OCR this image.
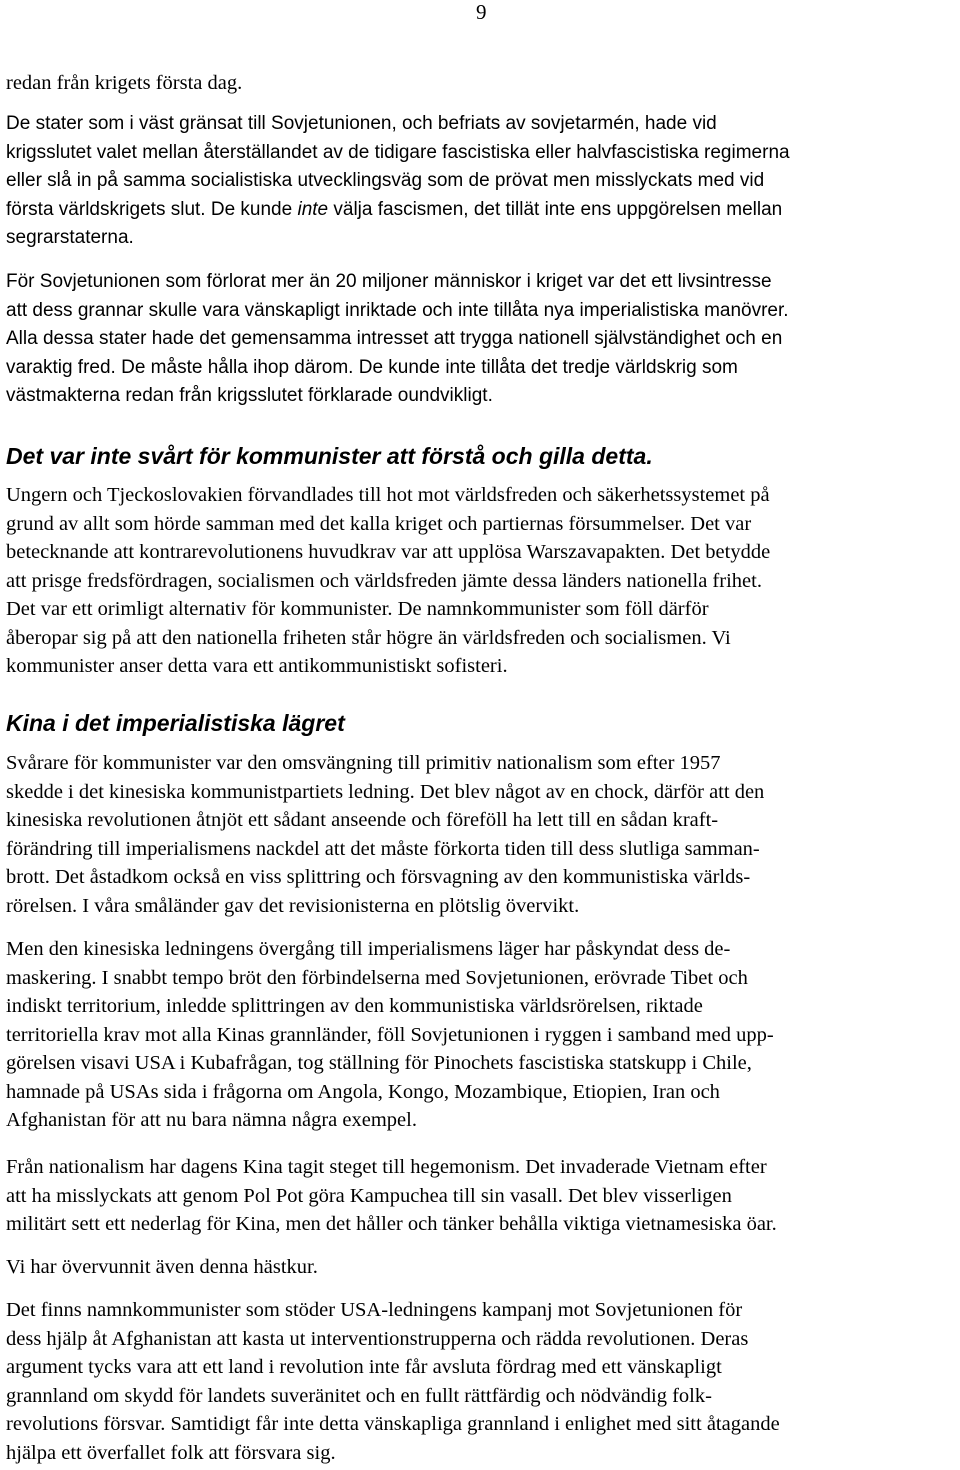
9

redan från krigets första dag.

De stater som i väst gränsat till Sovjetunionen, och befriats av sovjetarmén, hade vid
krigsslutet valet mellan återställandet av de tidigare fascistiska eller halvfascistiska regimerna
eller slå in på samma socialistiska utvecklingsväg som de prövat men misslyckats med vid
första världskrigets slut. De kunde inte välja fascismen, det tillät inte ens uppgörelsen mellan
segrarstaterna.

För Sovjetunionen som förlorat mer än 20 miljoner människor i kriget var det ett livsintresse
att dess grannar skulle vara vänskapligt inriktade och inte tillåta nya imperialistiska manövrer.
Alla dessa stater hade det gemensamma intresset att trygga nationell självständighet och en
varaktig fred. De måste hålla ihop därom. De kunde inte tillåta det tredje världskrig som
västmakterna redan från krigsslutet förklarade oundvikligt.

Det var inte svårt för kommunister att förstå och gilla detta.

Ungern och Tjeckoslovakien förvandlades till hot mot världsfreden och säkerhetssystemet på
grund av allt som hörde samman med det kalla kriget och partiernas försummelser. Det var
betecknande att kontrarevolutionens huvudkrav var att upplösa Warszavapakten. Det betydde
att prisge fredsfördragen, socialismen och världsfreden jämte dessa länders nationella frihet.
Det var ett orimligt alternativ för kommunister. De namnkommunister som föll därför
åberopar sig på att den nationella friheten står högre än världsfreden och socialismen. Vi
kommunister anser detta vara ett antikommunistiskt sofisteri.

Kina i det imperialistiska lägret

Svårare för kommunister var den omsvängning till primitiv nationalism som efter 1957
skedde i det kinesiska kommunistpartiets ledning. Det blev något av en chock, därför att den
kinesiska revolutionen åtnjöt ett sådant anseende och föreföll ha lett till en sådan kraft-
förändring till imperialismens nackdel att det måste förkorta tiden till dess slutliga samman-
brott. Det åstadkom också en viss splittring och försvagning av den kommunistiska världs-
rörelsen. I våra småländer gav det revisionisterna en plötslig övervikt.

Men den kinesiska ledningens övergång till imperialismens läger har påskyndat dess de-
maskering. I snabbt tempo bröt den förbindelserna med Sovjetunionen, erövrade Tibet och
indiskt territorium, inledde splittringen av den kommunistiska världsrörelsen, riktade
territoriella krav mot alla Kinas grannländer, föll Sovjetunionen i ryggen i samband med upp-
görelsen visavi USA i Kubafrågan, tog ställning för Pinochets fascistiska statskupp i Chile,
hamnade på USAs sida i frågorna om Angola, Kongo, Mozambique, Etiopien, Iran och
Afghanistan för att nu bara nämna några exempel.

Från nationalism har dagens Kina tagit steget till hegemonism. Det invaderade Vietnam efter
att ha misslyckats att genom Pol Pot göra Kampuchea till sin vasall. Det blev visserligen
militärt sett ett nederlag för Kina, men det håller och tänker behålla viktiga vietnamesiska öar.

Vi har övervunnit även denna hästkur.

Det finns namnkommunister som stöder USA-ledningens kampanj mot Sovjetunionen för
dess hjälp åt Afghanistan att kasta ut interventionstrupperna och rädda revolutionen. Deras
argument tycks vara att ett land i revolution inte får avsluta fördrag med ett vänskapligt
grannland om skydd för landets suveränitet och en fullt rättfärdig och nödvändig folk-
revolutions försvar. Samtidigt får inte detta vänskapliga grannland i enlighet med sitt åtagande
hjälpa ett överfallet folk att försvara sig.
